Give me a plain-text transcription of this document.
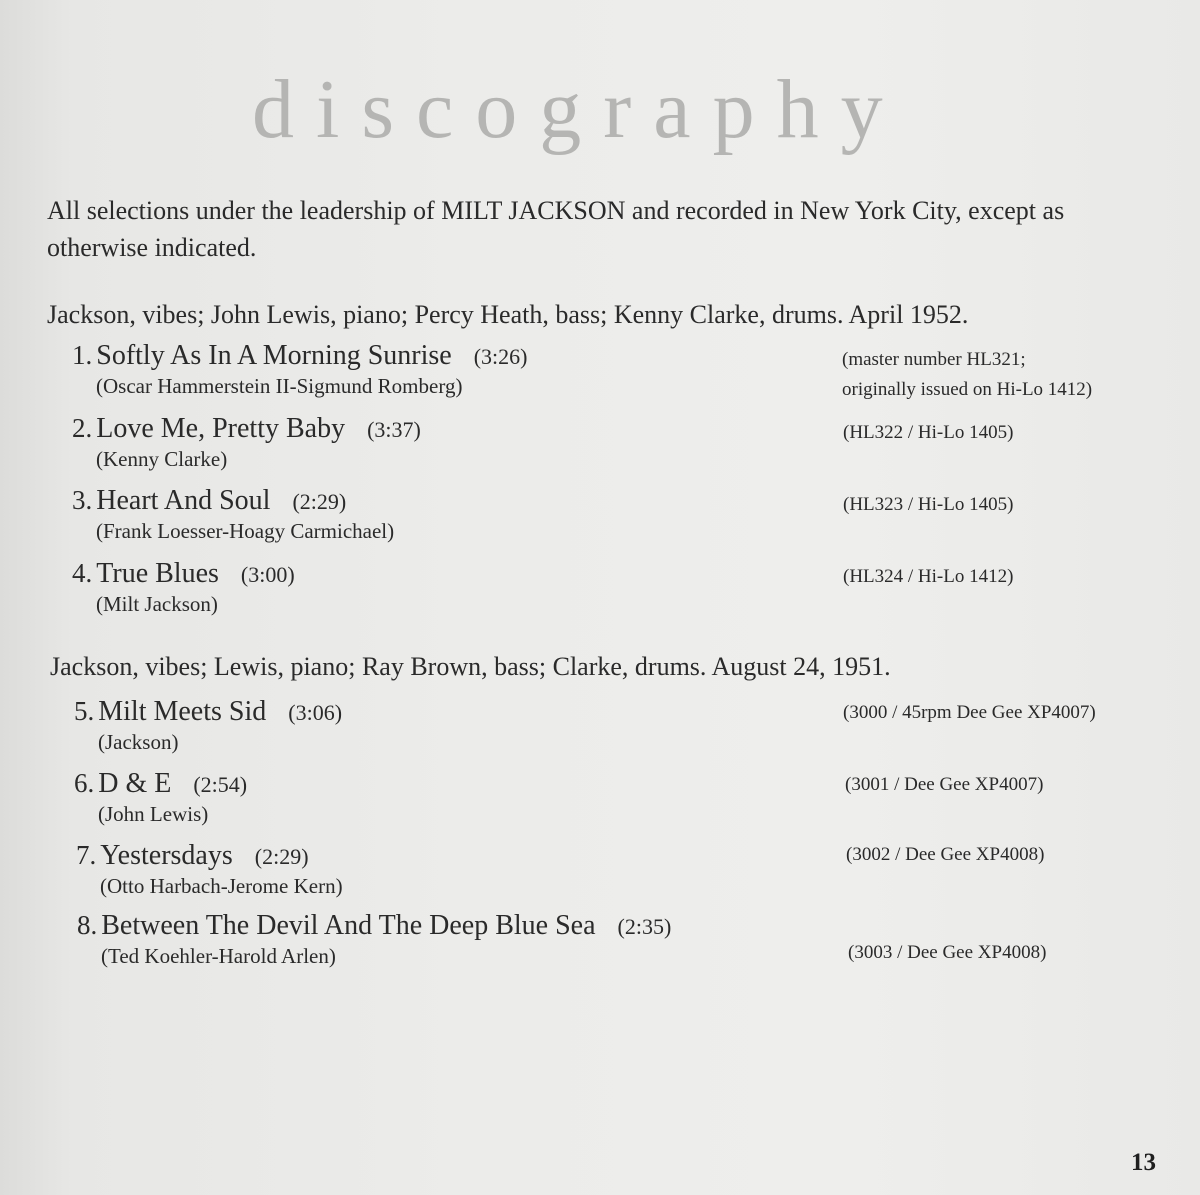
discography
All selections under the leadership of MILT JACKSON and recorded in New York City, except as otherwise indicated.
Jackson, vibes; John Lewis, piano; Percy Heath, bass; Kenny Clarke, drums. April 1952.
1. Softly As In A Morning Sunrise (3:26)
(Oscar Hammerstein II-Sigmund Romberg)
(master number HL321;
originally issued on Hi-Lo 1412)
2. Love Me, Pretty Baby (3:37)
(Kenny Clarke)
(HL322 / Hi-Lo 1405)
3. Heart And Soul (2:29)
(Frank Loesser-Hoagy Carmichael)
(HL323 / Hi-Lo 1405)
4. True Blues (3:00)
(Milt Jackson)
(HL324 / Hi-Lo 1412)
Jackson, vibes; Lewis, piano; Ray Brown, bass; Clarke, drums. August 24, 1951.
5. Milt Meets Sid (3:06)
(Jackson)
(3000 / 45rpm Dee Gee XP4007)
6. D & E (2:54)
(John Lewis)
(3001 / Dee Gee XP4007)
7. Yestersdays (2:29)
(Otto Harbach-Jerome Kern)
(3002 / Dee Gee XP4008)
8. Between The Devil And The Deep Blue Sea (2:35)
(Ted Koehler-Harold Arlen)	(3003 / Dee Gee XP4008)
13
